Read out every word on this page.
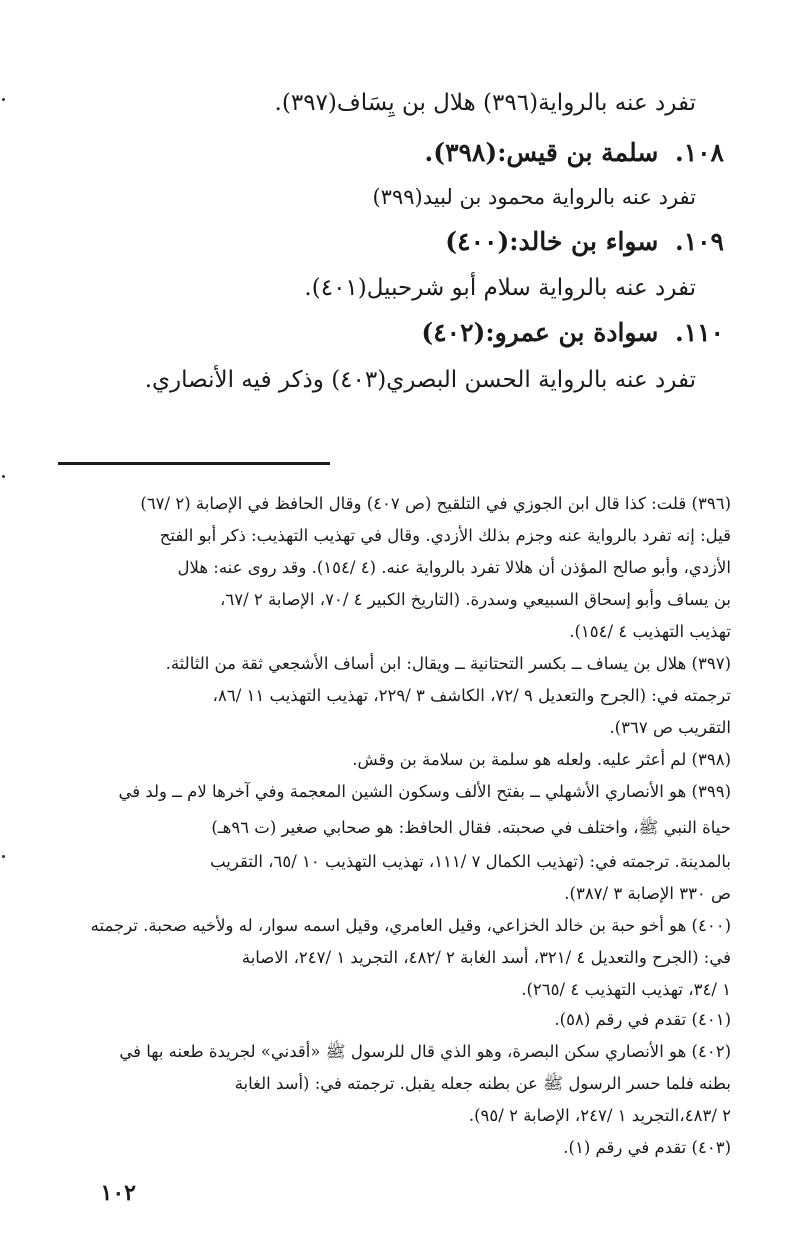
تفرد عنه بالرواية(٣٩٦) هلال بن يِسَاف(٣٩٧).
١٠٨. سلمة بن قيس:(٣٩٨).
تفرد عنه بالرواية محمود بن لبيد(٣٩٩)
١٠٩. سواء بن خالد:(٤٠٠)
تفرد عنه بالرواية سلام أبو شرحبيل(٤٠١).
١١٠. سوادة بن عمرو:(٤٠٢)
تفرد عنه بالرواية الحسن البصري(٤٠٣) وذكر فيه الأنصاري.
(٣٩٦) قلت: كذا قال ابن الجوزي في التلقيح (ص ٤٠٧) وقال الحافظ في الإصابة (٢ /٦٧)
قيل: إنه تفرد بالرواية عنه وجزم بذلك الأزدي. وقال في تهذيب التهذيب: ذكر أبو الفتح
الأزدي، وأبو صالح المؤذن أن هلالا تفرد بالرواية عنه. (٤ /١٥٤). وقد روى عنه: هلال
بن يساف وأبو إسحاق السبيعي وسدرة. (التاريخ الكبير ٤ /٧٠، الإصابة ٢ /٦٧،
تهذيب التهذيب ٤ /١٥٤).
(٣٩٧) هلال بن يساف ــ بكسر التحتانية ــ ويقال: ابن أساف الأشجعي ثقة من الثالثة.
ترجمته في: (الجرح والتعديل ٩ /٧٢، الكاشف ٣ /٢٢٩، تهذيب التهذيب ١١ /٨٦،
التقريب ص ٣٦٧).
(٣٩٨) لم أعثر عليه. ولعله هو سلمة بن سلامة بن وقش.
(٣٩٩) هو الأنصاري الأشهلي ــ بفتح الألف وسكون الشين المعجمة وفي آخرها لام ــ ولد في
حياة النبي ﷺ، واختلف في صحبته. فقال الحافظ: هو صحابي صغير (ت ٩٦هـ)
بالمدينة. ترجمته في: (تهذيب الكمال ٧ /١١١، تهذيب التهذيب ١٠ /٦٥، التقريب
ص ٣٣٠ الإصابة ٣ /٣٨٧).
(٤٠٠) هو أخو حبة بن خالد الخزاعي، وقيل العامري، وقيل اسمه سوار، له ولأخيه صحبة. ترجمته
في: (الجرح والتعديل ٤ /٣٢١، أسد الغابة ٢ /٤٨٢، التجريد ١ /٢٤٧، الاصابة
١ /٣٤، تهذيب التهذيب ٤ /٢٦٥).
(٤٠١) تقدم في رقم (٥٨).
(٤٠٢) هو الأنصاري سكن البصرة، وهو الذي قال للرسول ﷺ «أقدني» لجريدة طعنه بها في
بطنه فلما حسر الرسول ﷺ عن بطنه جعله يقبل. ترجمته في: (أسد الغابة
٢ /٤٨٣،التجريد ١ /٢٤٧، الإصابة ٢ /٩٥).
(٤٠٣) تقدم في رقم (١).
١٠٢
